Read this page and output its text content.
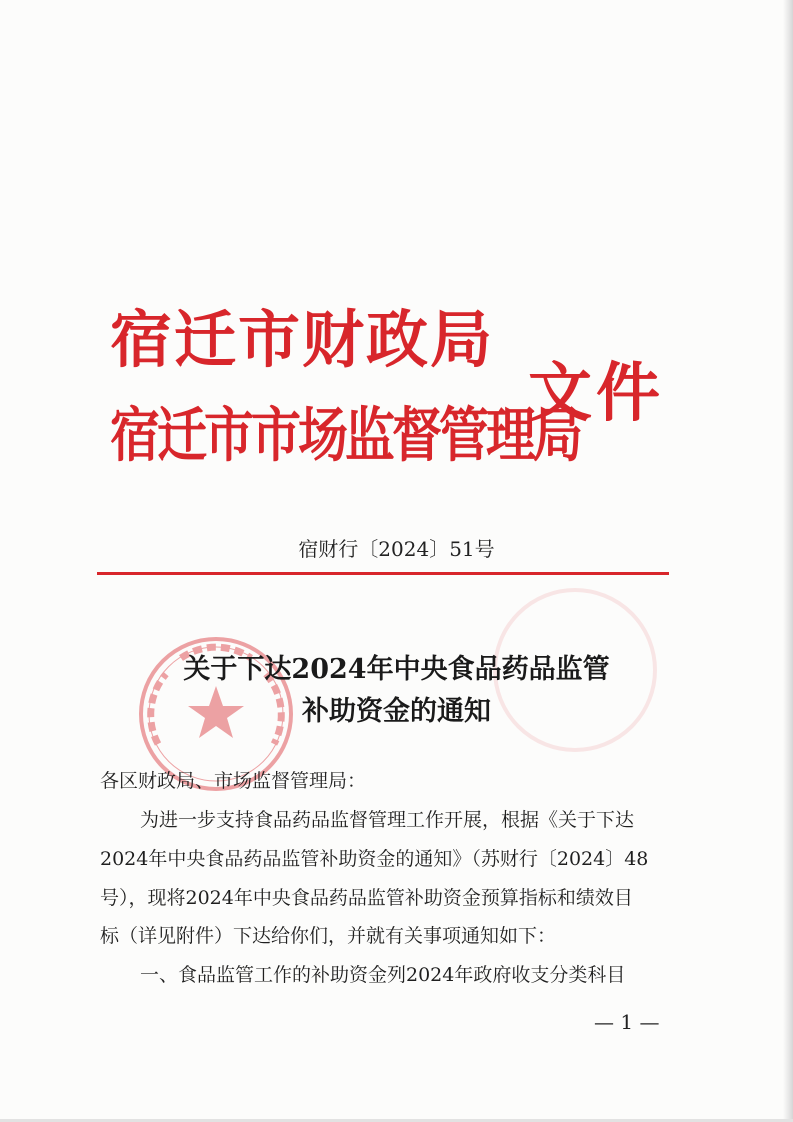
宿迁市财政局
宿迁市市场监督管理局
文件
宿财行〔2024〕51号
关于下达2024年中央食品药品监管
补助资金的通知
各区财政局、市场监督管理局：
为进一步支持食品药品监督管理工作开展，根据《关于下达
2024年中央食品药品监管补助资金的通知》（苏财行〔2024〕48
号），现将2024年中央食品药品监管补助资金预算指标和绩效目
标（详见附件）下达给你们，并就有关事项通知如下：
一、食品监管工作的补助资金列2024年政府收支分类科目
— 1 —
